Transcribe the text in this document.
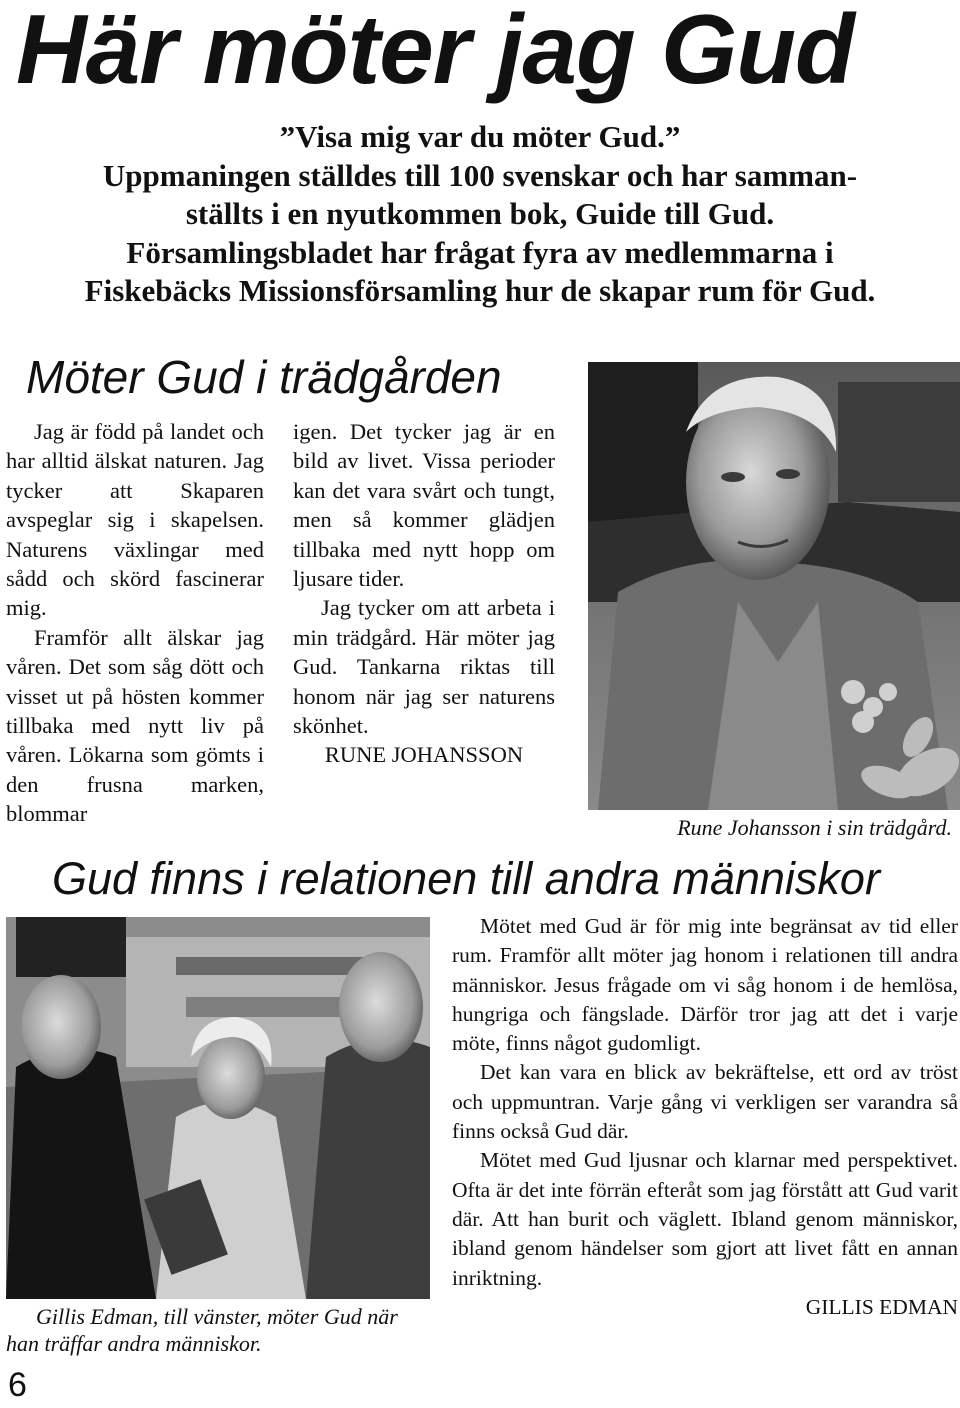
Här möter jag Gud
”Visa mig var du möter Gud.”
Uppmaningen ställdes till 100 svenskar och har samman-
ställts i en nyutkommen bok, Guide till Gud.
Församlingsbladet har frågat fyra av medlemmarna i
Fiskebäcks Missionsförsamling hur de skapar rum för Gud.
Möter Gud i trädgården

Jag är född på landet och har alltid älskat naturen. Jag tycker att Skaparen avspeglar sig i skapelsen. Naturens växlingar med sådd och skörd fascinerar mig.

Framför allt älskar jag våren. Det som såg dött och visset ut på hösten kommer tillbaka med nytt liv på våren. Lökarna som gömts i den frusna marken, blommar

igen. Det tycker jag är en bild av livet. Vissa perioder kan det vara svårt och tungt, men så kommer glädjen tillbaka med nytt hopp om ljusare tider.

Jag tycker om att arbeta i min trädgård. Här möter jag Gud. Tankarna riktas till honom när jag ser naturens skönhet.

RUNE JOHANSSON

Rune Johansson i sin trädgård.
Gud finns i relationen till andra människor
Gillis Edman, till vänster, möter Gud när han träffar andra människor.

Mötet med Gud är för mig inte begränsat av tid eller rum. Framför allt möter jag honom i relationen till andra människor. Jesus frågade om vi såg honom i de hemlösa, hungriga och fängslade. Därför tror jag att det i varje möte, finns något gudomligt.

Det kan vara en blick av bekräftelse, ett ord av tröst och uppmuntran. Varje gång vi verkligen ser varandra så finns också Gud där.

Mötet med Gud ljusnar och klarnar med perspektivet. Ofta är det inte förrän efteråt som jag förstått att Gud varit där. Att han burit och väglett. Ibland genom människor, ibland genom händelser som gjort att livet fått en annan inriktning.

GILLIS EDMAN

6
